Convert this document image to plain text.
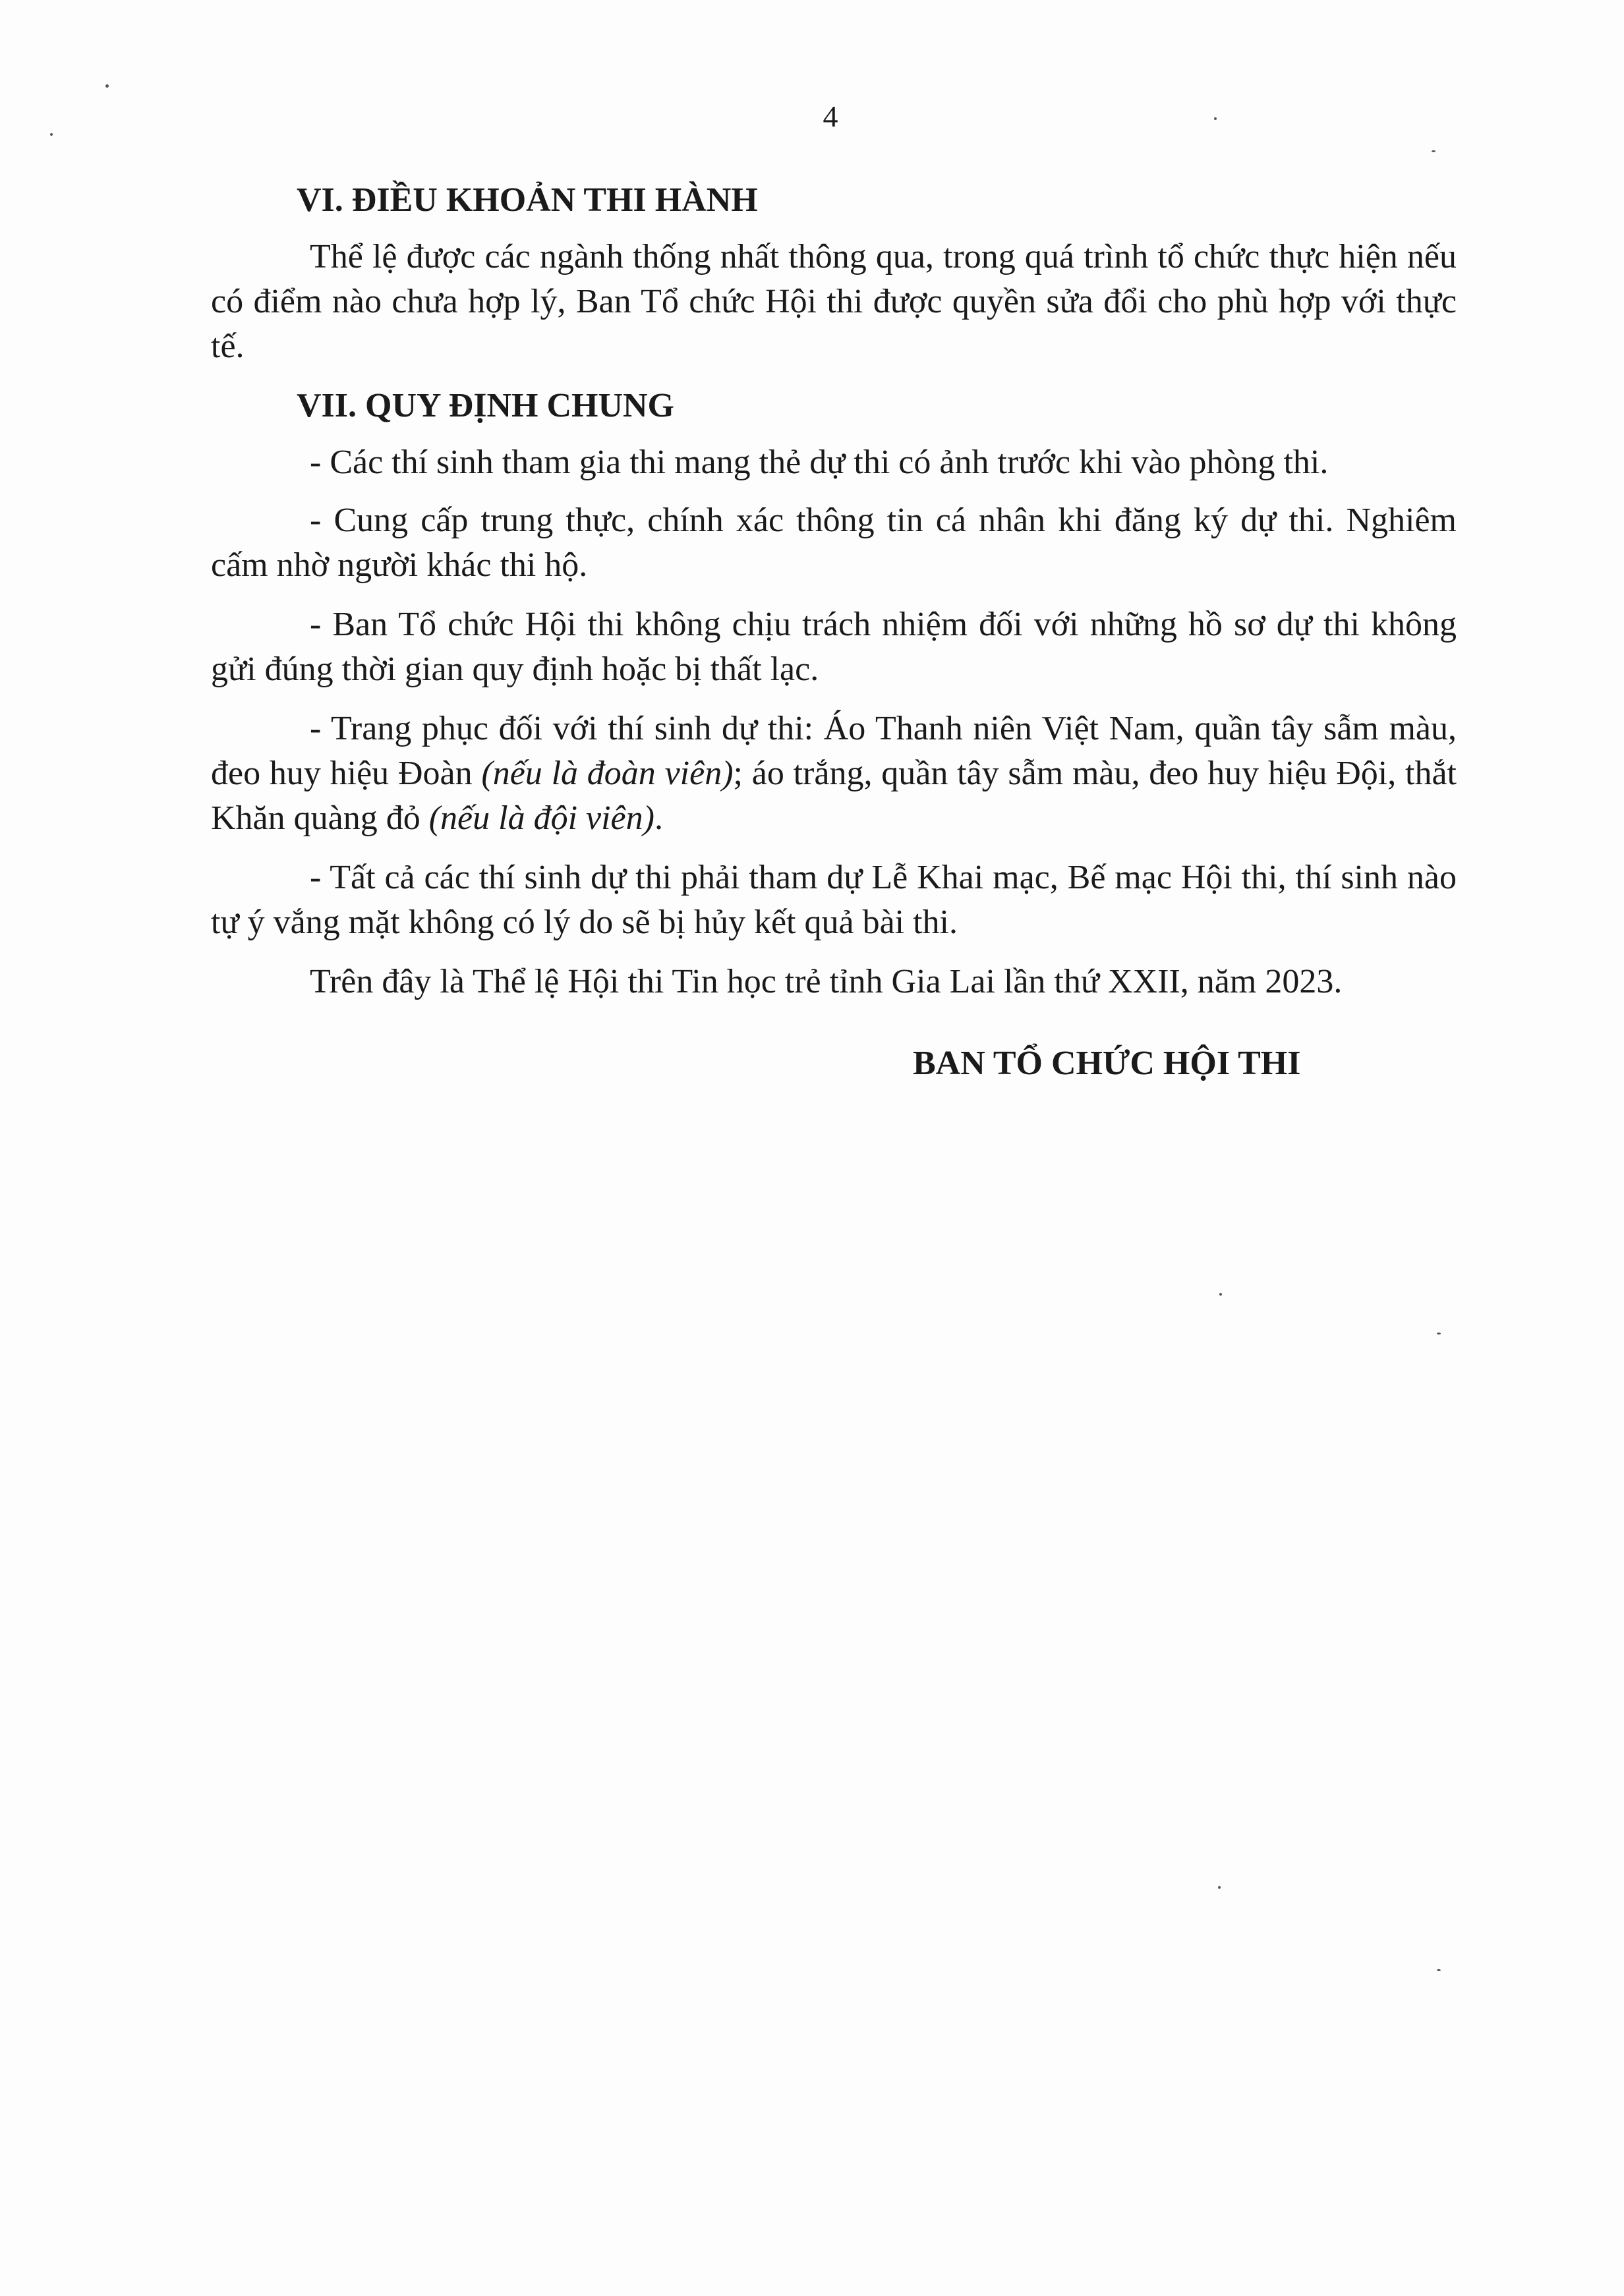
4
VI. ĐIỀU KHOẢN THI HÀNH

Thể lệ được các ngành thống nhất thông qua, trong quá trình tổ chức thực hiện nếu có điểm nào chưa hợp lý, Ban Tổ chức Hội thi được quyền sửa đổi cho phù hợp với thực tế.

VII. QUY ĐỊNH CHUNG

- Các thí sinh tham gia thi mang thẻ dự thi có ảnh trước khi vào phòng thi.

- Cung cấp trung thực, chính xác thông tin cá nhân khi đăng ký dự thi. Nghiêm cấm nhờ người khác thi hộ.

- Ban Tổ chức Hội thi không chịu trách nhiệm đối với những hồ sơ dự thi không gửi đúng thời gian quy định hoặc bị thất lạc.

- Trang phục đối với thí sinh dự thi: Áo Thanh niên Việt Nam, quần tây sẫm màu, đeo huy hiệu Đoàn (nếu là đoàn viên); áo trắng, quần tây sẫm màu, đeo huy hiệu Đội, thắt Khăn quàng đỏ (nếu là đội viên).

- Tất cả các thí sinh dự thi phải tham dự Lễ Khai mạc, Bế mạc Hội thi, thí sinh nào tự ý vắng mặt không có lý do sẽ bị hủy kết quả bài thi.

Trên đây là Thể lệ Hội thi Tin học trẻ tỉnh Gia Lai lần thứ XXII, năm 2023.

BAN TỔ CHỨC HỘI THI
